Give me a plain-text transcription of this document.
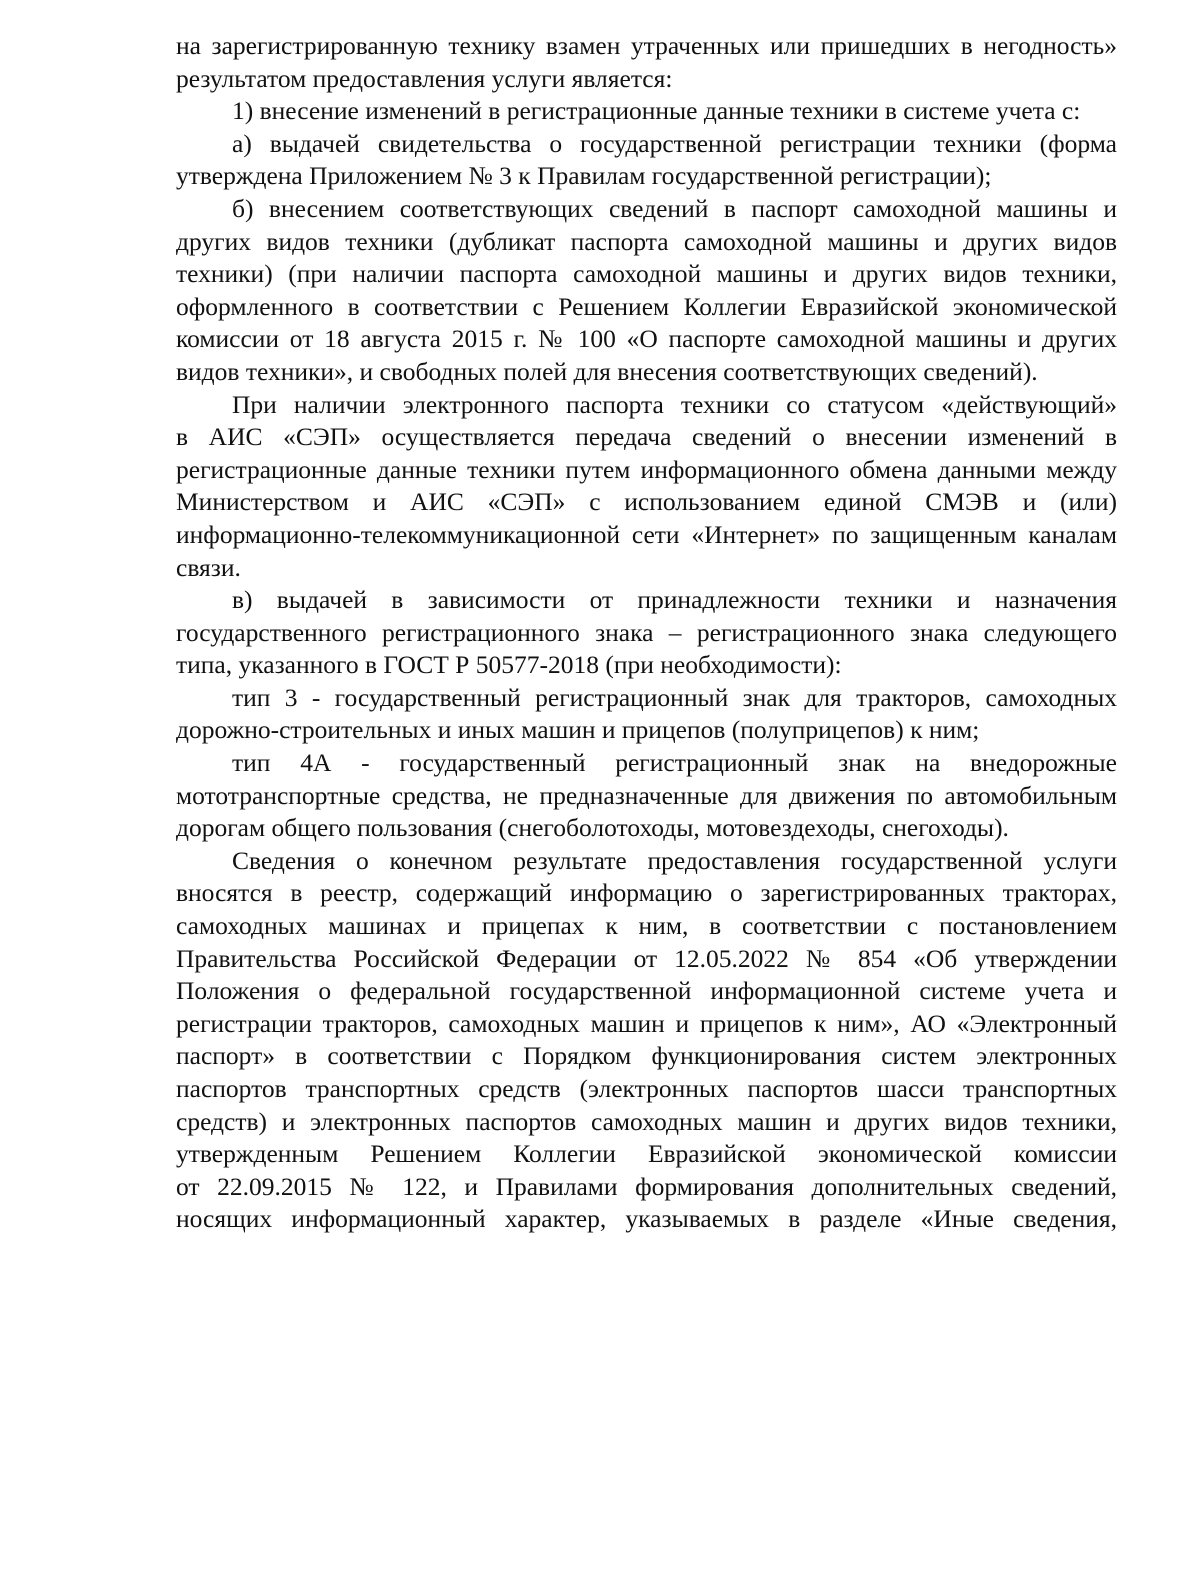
на зарегистрированную технику взамен утраченных или пришедших в негодность» результатом предоставления услуги является:

1) внесение изменений в регистрационные данные техники в системе учета с:

а) выдачей свидетельства о государственной регистрации техники (форма утверждена Приложением № 3 к Правилам государственной регистрации);

б) внесением соответствующих сведений в паспорт самоходной машины и других видов техники (дубликат паспорта самоходной машины и других видов техники) (при наличии паспорта самоходной машины и других видов техники, оформленного в соответствии с Решением Коллегии Евразийской экономической комиссии от 18 августа 2015 г. № 100 «О паспорте самоходной машины и других видов техники», и свободных полей для внесения соответствующих сведений).

При наличии электронного паспорта техники со статусом «действующий»

в АИС «СЭП» осуществляется передача сведений о внесении изменений в регистрационные данные техники путем информационного обмена данными между Министерством и АИС «СЭП» с использованием единой СМЭВ и (или) информационно-телекоммуникационной сети «Интернет» по защищенным каналам связи.

в) выдачей в зависимости от принадлежности техники и назначения государственного регистрационного знака – регистрационного знака следующего типа, указанного в ГОСТ Р 50577-2018 (при необходимости):

тип 3 - государственный регистрационный знак для тракторов, самоходных дорожно-строительных и иных машин и прицепов (полуприцепов) к ним;

тип 4А - государственный регистрационный знак на внедорожные мототранспортные средства, не предназначенные для движения по автомобильным дорогам общего пользования (снегоболотоходы, мотовездеходы, снегоходы).

Сведения о конечном результате предоставления государственной услуги вносятся в реестр, содержащий информацию о зарегистрированных тракторах, самоходных машинах и прицепах к ним, в соответствии с постановлением Правительства Российской Федерации от 12.05.2022 № 854 «Об утверждении Положения о федеральной государственной информационной системе учета и регистрации тракторов, самоходных машин и прицепов к ним», АО «Электронный паспорт» в соответствии с Порядком функционирования систем электронных паспортов транспортных средств (электронных паспортов шасси транспортных средств) и электронных паспортов самоходных машин и других видов техники, утвержденным Решением Коллегии Евразийской экономической комиссии

от 22.09.2015 № 122, и Правилами формирования дополнительных сведений, носящих информационный характер, указываемых в разделе «Иные сведения,
